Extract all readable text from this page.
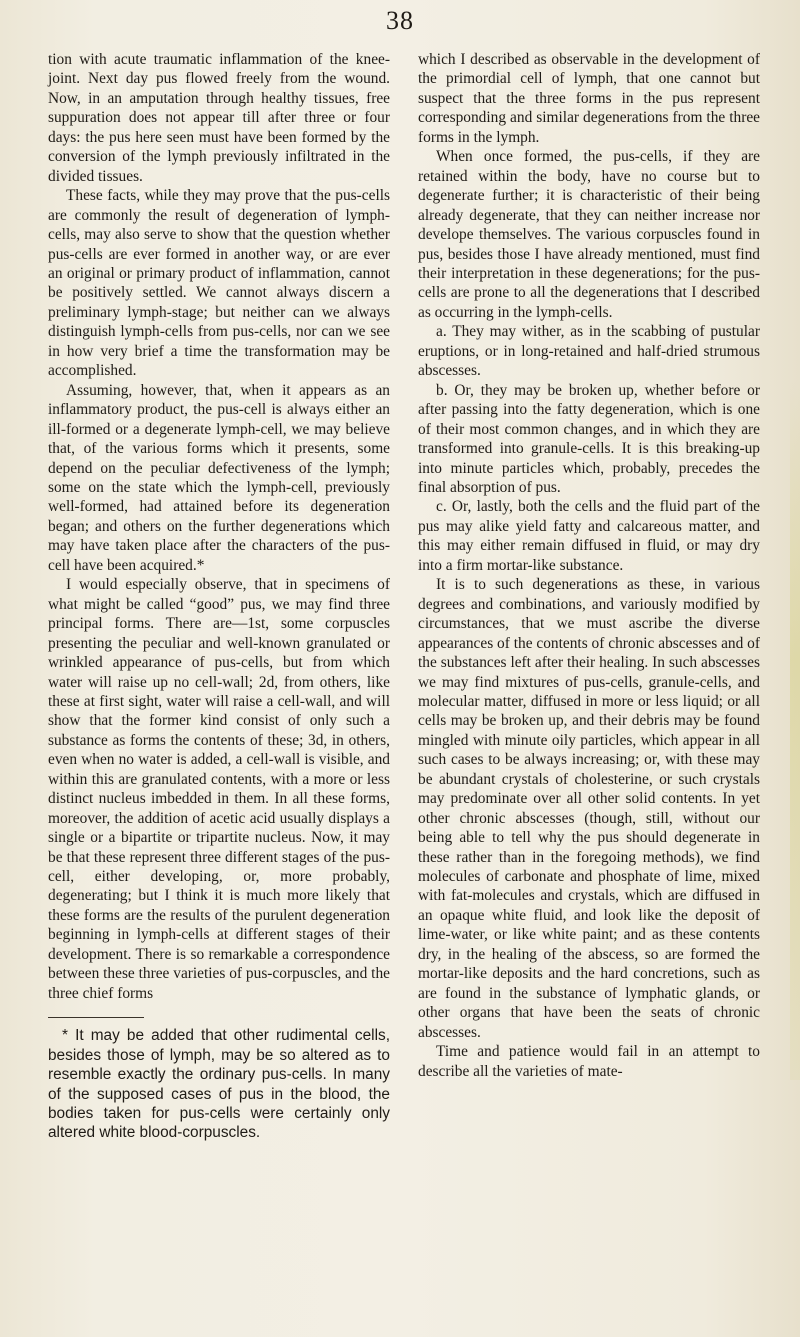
38

tion with acute traumatic inflammation of the knee-joint. Next day pus flowed freely from the wound. Now, in an amputation through healthy tissues, free suppuration does not appear till after three or four days: the pus here seen must have been formed by the conversion of the lymph previously infiltrated in the divided tissues.

These facts, while they may prove that the pus-cells are commonly the result of degeneration of lymph-cells, may also serve to show that the question whether pus-cells are ever formed in another way, or are ever an original or primary product of inflammation, cannot be positively settled. We cannot always discern a preliminary lymph-stage; but neither can we always distinguish lymph-cells from pus-cells, nor can we see in how very brief a time the transformation may be accomplished.

Assuming, however, that, when it appears as an inflammatory product, the pus-cell is always either an ill-formed or a degenerate lymph-cell, we may believe that, of the various forms which it presents, some depend on the peculiar defectiveness of the lymph; some on the state which the lymph-cell, previously well-formed, had attained before its degeneration began; and others on the further degenerations which may have taken place after the characters of the pus-cell have been acquired.*

I would especially observe, that in specimens of what might be called “good” pus, we may find three principal forms. There are—1st, some corpuscles presenting the peculiar and well-known granulated or wrinkled appearance of pus-cells, but from which water will raise up no cell-wall; 2d, from others, like these at first sight, water will raise a cell-wall, and will show that the former kind consist of only such a substance as forms the contents of these; 3d, in others, even when no water is added, a cell-wall is visible, and within this are granulated contents, with a more or less distinct nucleus imbedded in them. In all these forms, moreover, the addition of acetic acid usually displays a single or a bipartite or tripartite nucleus. Now, it may be that these represent three different stages of the pus-cell, either developing, or, more probably, degenerating; but I think it is much more likely that these forms are the results of the purulent degeneration beginning in lymph-cells at different stages of their development. There is so remarkable a correspondence between these three varieties of pus-corpuscles, and the three chief forms

* It may be added that other rudimental cells, besides those of lymph, may be so altered as to resemble exactly the ordinary pus-cells. In many of the supposed cases of pus in the blood, the bodies taken for pus-cells were certainly only altered white blood-corpuscles.

which I described as observable in the development of the primordial cell of lymph, that one cannot but suspect that the three forms in the pus represent corresponding and similar degenerations from the three forms in the lymph.

When once formed, the pus-cells, if they are retained within the body, have no course but to degenerate further; it is characteristic of their being already degenerate, that they can neither increase nor develope themselves. The various corpuscles found in pus, besides those I have already mentioned, must find their interpretation in these degenerations; for the pus-cells are prone to all the degenerations that I described as occurring in the lymph-cells.

a. They may wither, as in the scabbing of pustular eruptions, or in long-retained and half-dried strumous abscesses.

b. Or, they may be broken up, whether before or after passing into the fatty degeneration, which is one of their most common changes, and in which they are transformed into granule-cells. It is this breaking-up into minute particles which, probably, precedes the final absorption of pus.

c. Or, lastly, both the cells and the fluid part of the pus may alike yield fatty and calcareous matter, and this may either remain diffused in fluid, or may dry into a firm mortar-like substance.

It is to such degenerations as these, in various degrees and combinations, and variously modified by circumstances, that we must ascribe the diverse appearances of the contents of chronic abscesses and of the substances left after their healing. In such abscesses we may find mixtures of pus-cells, granule-cells, and molecular matter, diffused in more or less liquid; or all cells may be broken up, and their debris may be found mingled with minute oily particles, which appear in all such cases to be always increasing; or, with these may be abundant crystals of cholesterine, or such crystals may predominate over all other solid contents. In yet other chronic abscesses (though, still, without our being able to tell why the pus should degenerate in these rather than in the foregoing methods), we find molecules of carbonate and phosphate of lime, mixed with fat-molecules and crystals, which are diffused in an opaque white fluid, and look like the deposit of lime-water, or like white paint; and as these contents dry, in the healing of the abscess, so are formed the mortar-like deposits and the hard concretions, such as are found in the substance of lymphatic glands, or other organs that have been the seats of chronic abscesses.

Time and patience would fail in an attempt to describe all the varieties of mate-
